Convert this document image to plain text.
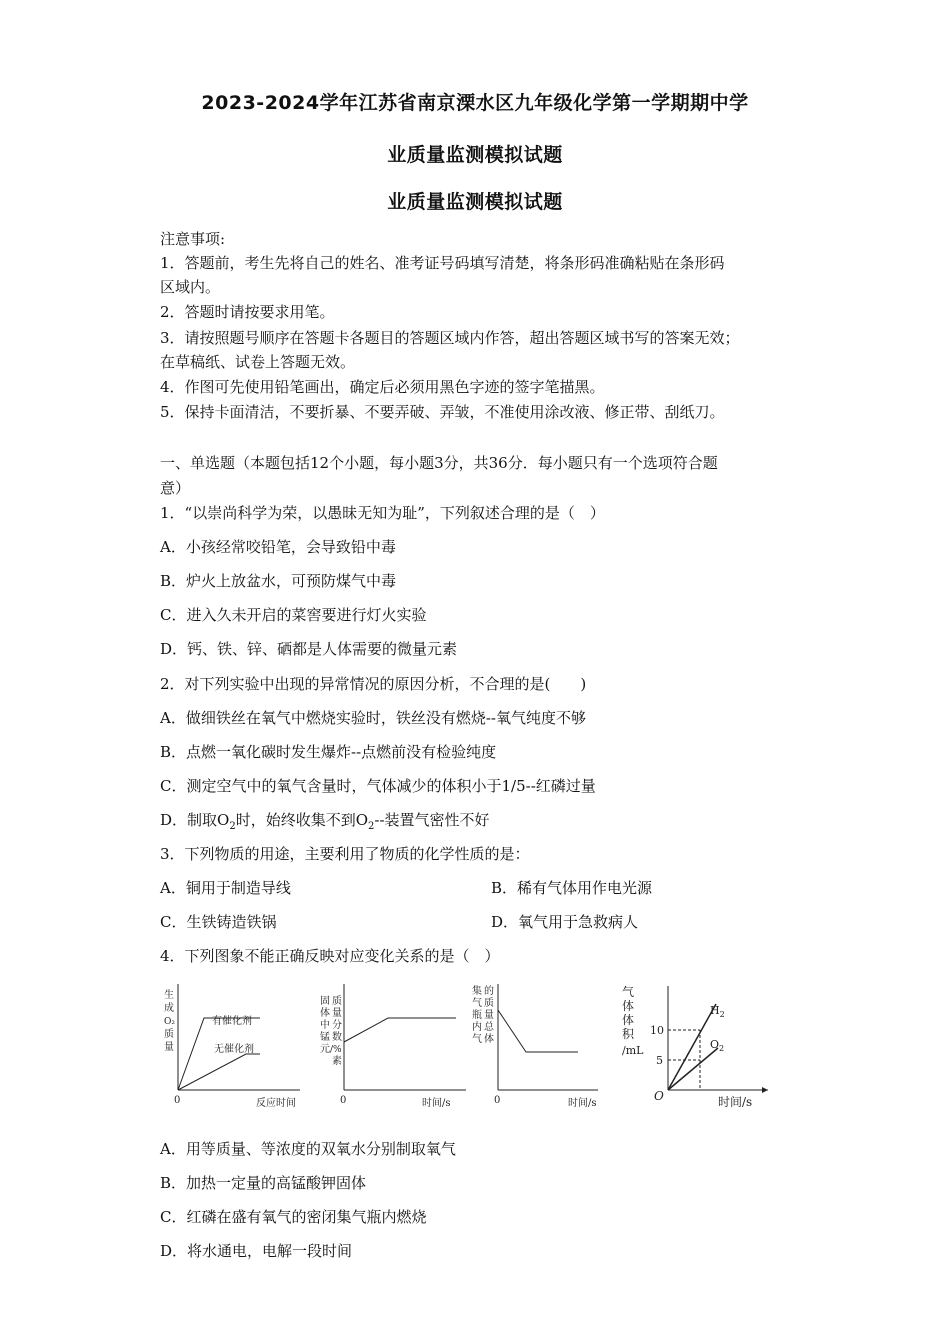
2023-2024学年江苏省南京溧水区九年级化学第一学期期中学
业质量监测模拟试题
业质量监测模拟试题
注意事项:
1．答题前，考生先将自己的姓名、准考证号码填写清楚，将条形码准确粘贴在条形码
区域内。
2．答题时请按要求用笔。
3．请按照题号顺序在答题卡各题目的答题区域内作答，超出答题区域书写的答案无效；
在草稿纸、试卷上答题无效。
4．作图可先使用铅笔画出，确定后必须用黑色字迹的签字笔描黑。
5．保持卡面清洁，不要折暴、不要弄破、弄皱，不准使用涂改液、修正带、刮纸刀。
一、单选题（本题包括12个小题，每小题3分，共36分．每小题只有一个选项符合题
意）
1．“以崇尚科学为荣，以愚昧无知为耻”，下列叙述合理的是（　）
A．小孩经常咬铅笔，会导致铅中毒
B．炉火上放盆水，可预防煤气中毒
C．进入久未开启的菜窖要进行灯火实验
D．钙、铁、锌、硒都是人体需要的微量元素
2．对下列实验中出现的异常情况的原因分析，不合理的是(　　)
A．做细铁丝在氧气中燃烧实验时，铁丝没有燃烧--氧气纯度不够
B．点燃一氧化碳时发生爆炸--点燃前没有检验纯度
C．测定空气中的氧气含量时，气体减少的体积小于1/5--红磷过量
D．制取$O_2$时，始终收集不到$O_2--$装置气密性不好
3．下列物质的用途，主要利用了物质的化学性质的是：
A．铜用于制造导线	B．稀有气体用作电光源
C．生铁铸造铁锅	D．氧气用于急救病人
4．下列图象不能正确反映对应变化关系的是（　）
生
成
O₂
质
量
有催化剂
无催化剂
0	反应时间
固
体
中
锰
元
质
量
分
数
/%
素
0	时间/s
集
气
瓶
内
气
的
质
量
总
体
0	时间/s
气
体
体
积
/mL
10
5
$H_2$
$O_2$
O	时间/s
A．用等质量、等浓度的双氧水分别制取氧气
B．加热一定量的高锰酸钾固体
C．红磷在盛有氧气的密闭集气瓶内燃烧
D．将水通电，电解一段时间
